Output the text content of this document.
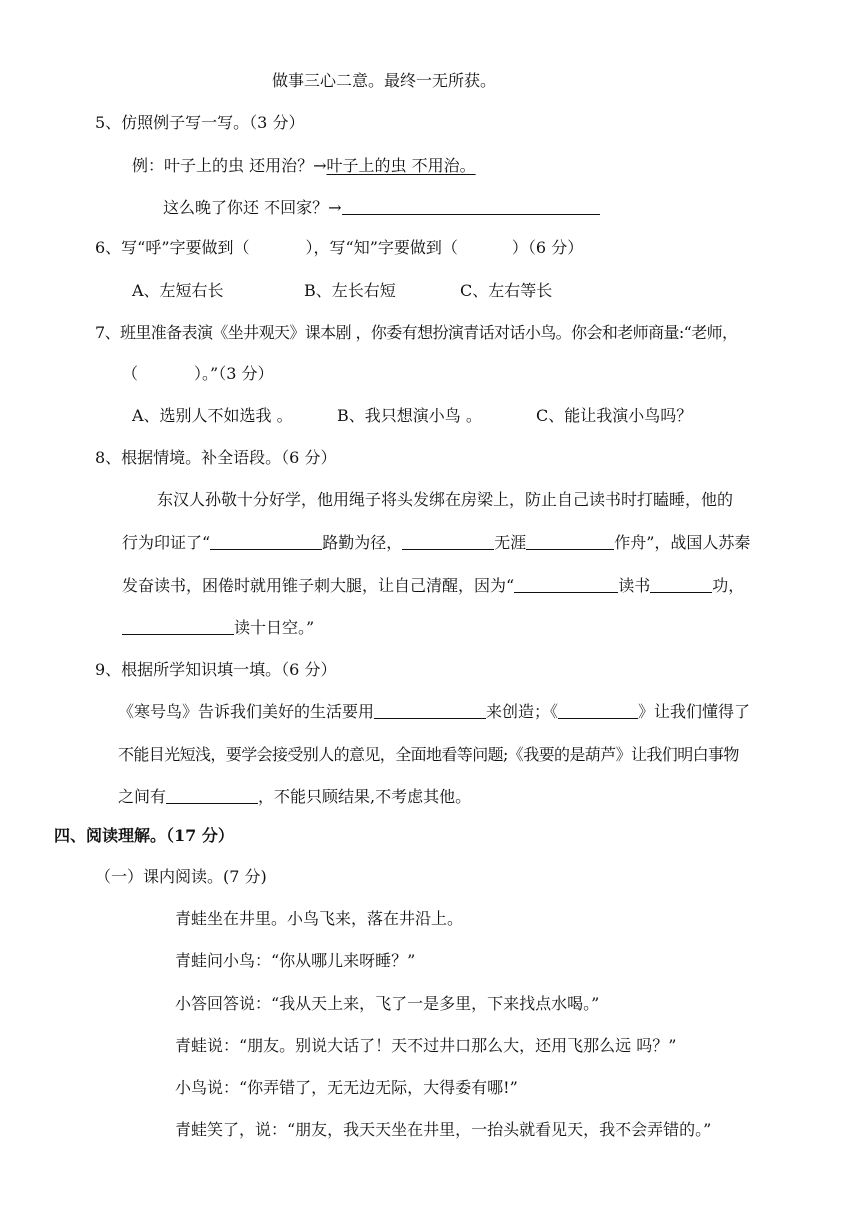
做事三心二意。最终一无所获。
5、仿照例子写一写。（3 分）
例：叶子上的虫 还用治？→叶子上的虫 不用治。
这么晚了你还 不回家？→
6、写“呼”字要做到（	），写“知”字要做到（	）（6 分）
A、左短右长	B、左长右短	C、左右等长
7、班里准备表演《坐井观天》课本剧 ，你委有想扮演青话对话小鸟。你会和老师商量:“老师，
（	）。”（3 分）
A、选别人不如选我 。	B、我只想演小鸟 。	C、能让我演小鸟吗？
8、根据情境。补全语段。（6 分）
东汉人孙敬十分好学，他用绳子将头发绑在房梁上，防止自己读书时打瞌睡，他的
行为印证了“	路勤为径，	无涯	作舟”，战国人苏秦
发奋读书，困倦时就用锥子刺大腿，让自己清醒，因为“	读书	功，
读十日空。”
9、根据所学知识填一填。（6 分）
《寒号鸟》告诉我们美好的生活要用	来创造；《	》让我们懂得了
不能目光短浅，要学会接受别人的意见，全面地看等问题;《我要的是葫芦》让我们明白事物
之间有	，不能只顾结果,不考虑其他。
四、阅读理解。（17 分）
（一）课内阅读。(7 分)
青蛙坐在井里。小鸟飞来，落在井沿上。
青蛙问小鸟：“你从哪儿来呀睡？”
小答回答说：“我从天上来，飞了一是多里，下来找点水喝。”
青蛙说：“朋友。别说大话了！天不过井口那么大，还用飞那么远 吗？”
小鸟说：“你弄错了，无无边无际，大得委有哪!”
青蛙笑了，说：“朋友，我天天坐在井里，一抬头就看见天，我不会弄错的。”
